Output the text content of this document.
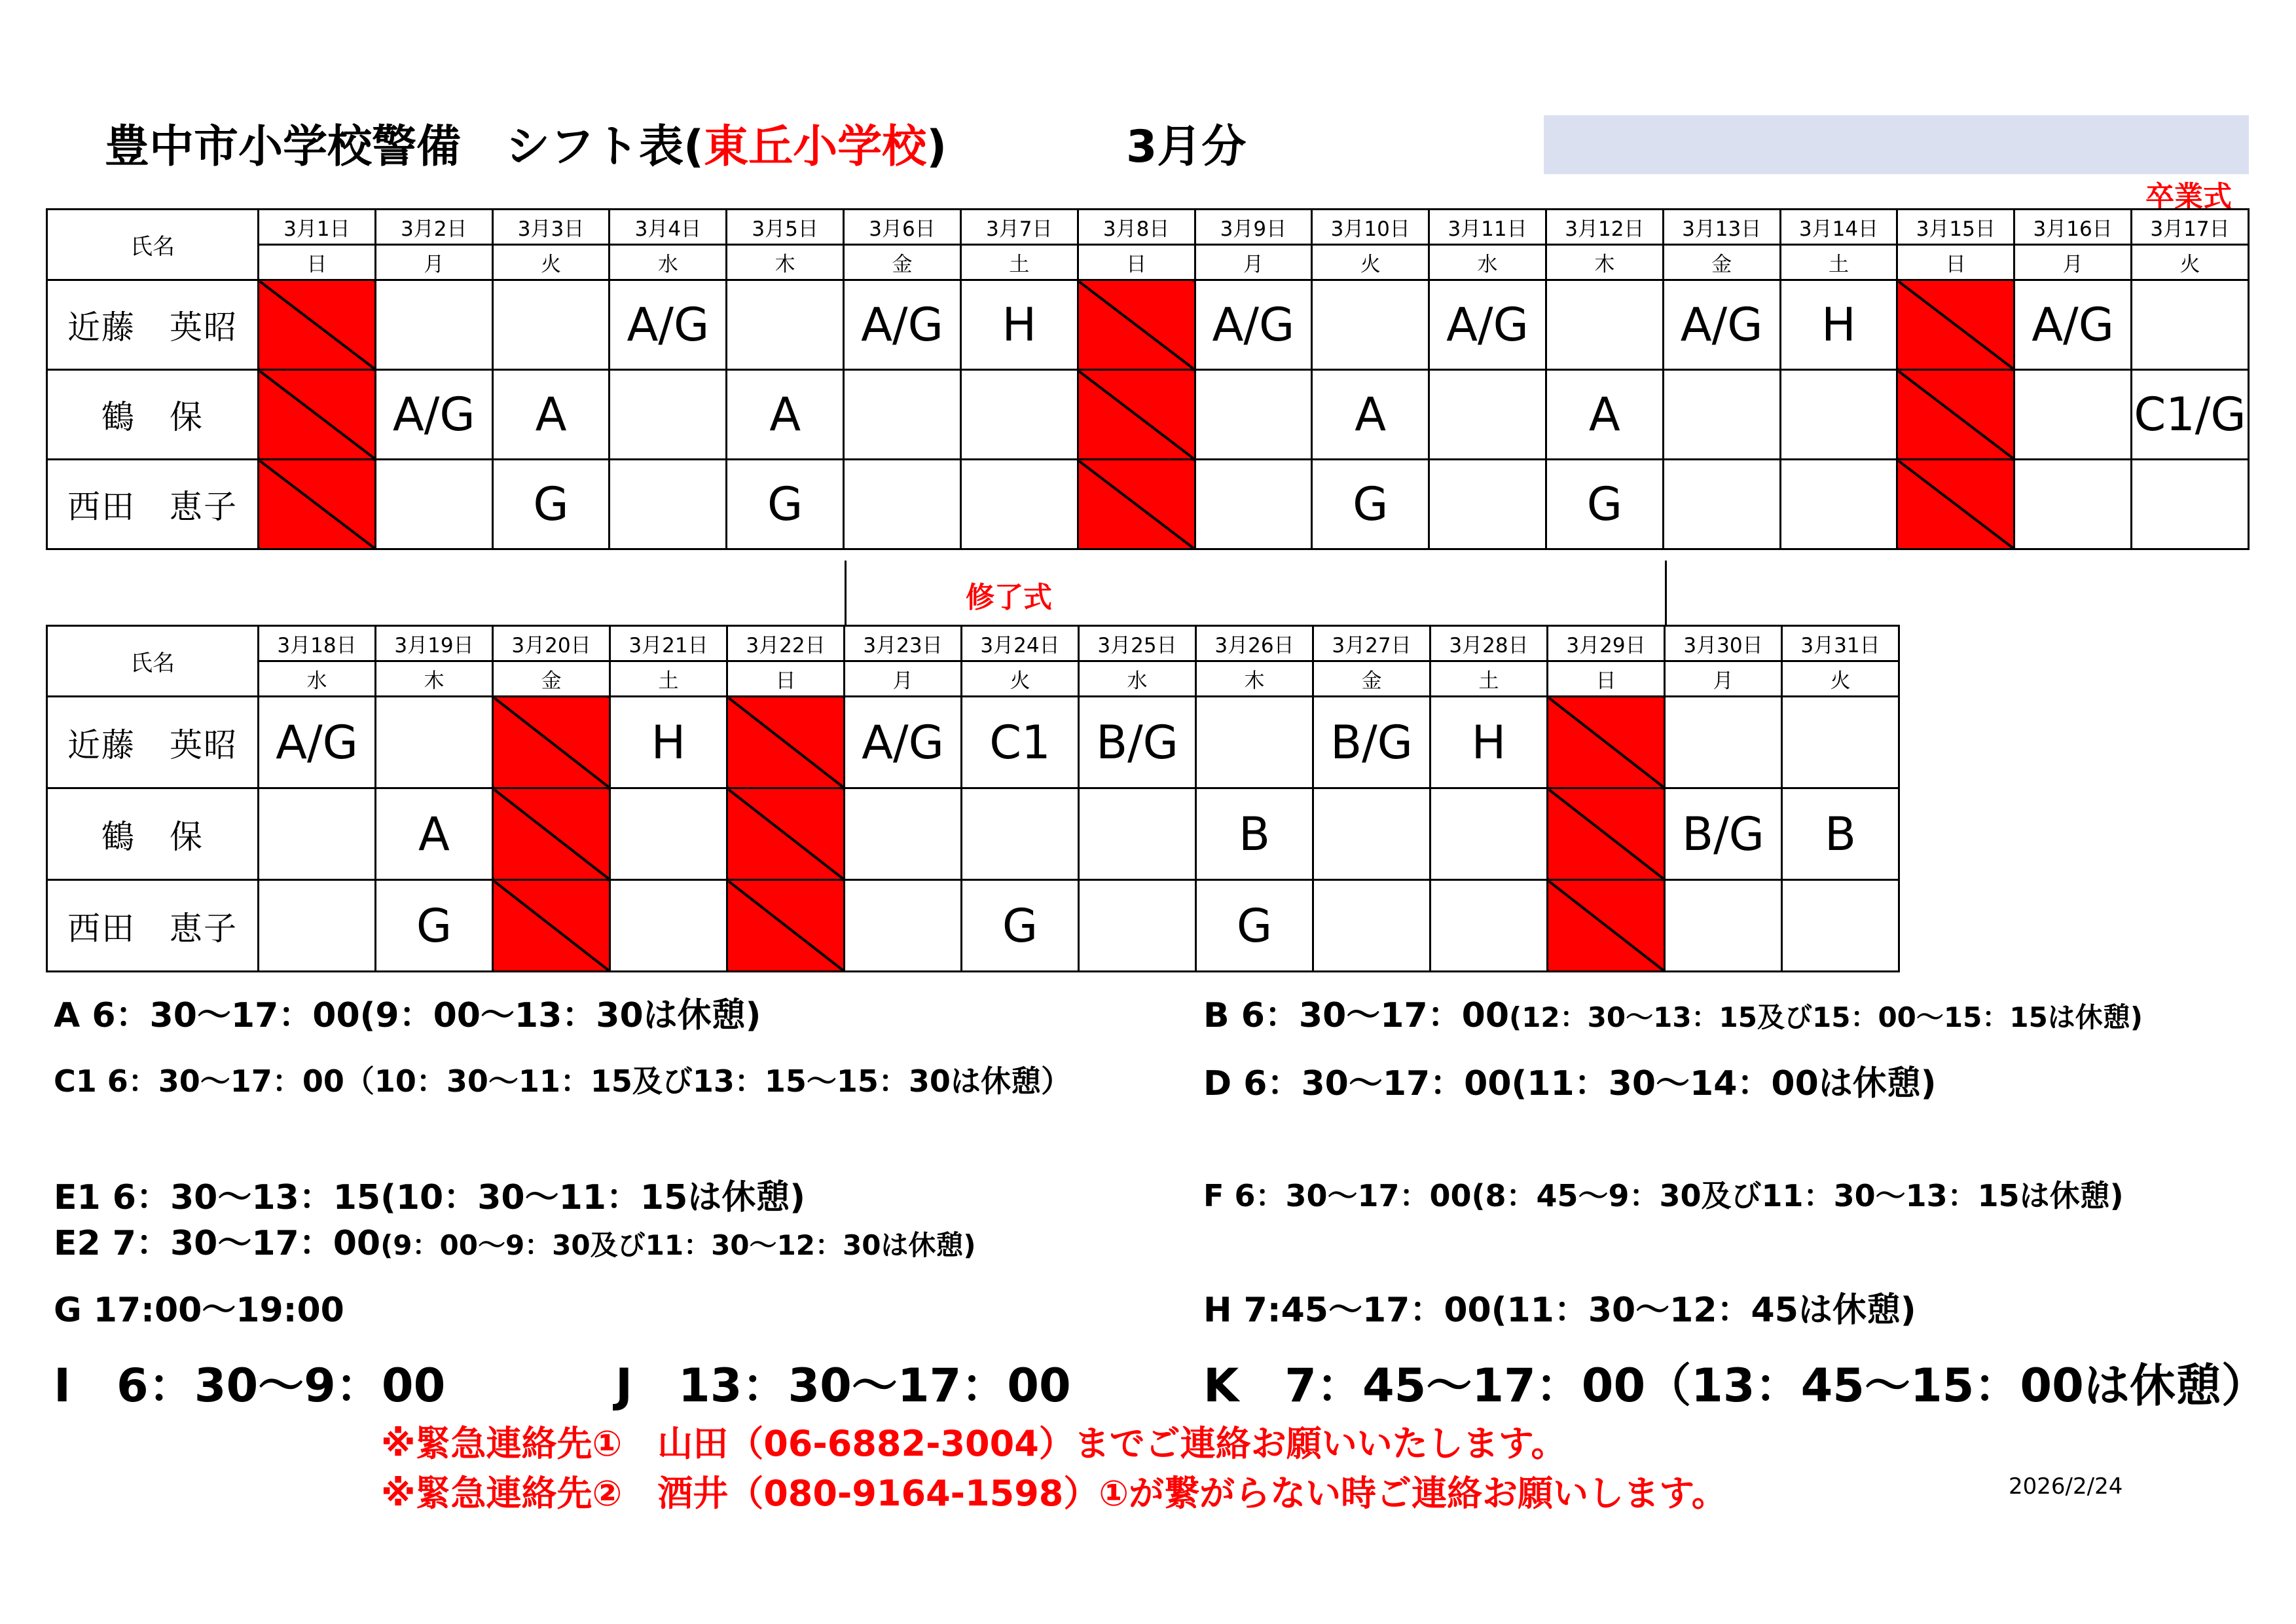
豊中市小学校警備　シフト表(東丘小学校)	3月分
卒業式
修了式
氏名	3月1日	3月2日	3月3日	3月4日	3月5日	3月6日	3月7日	3月8日	3月9日	3月10日	3月11日	3月12日	3月13日	3月14日	3月15日	3月16日	3月17日
	日	月	火	水	木	金	土	日	月	火	水	木	金	土	日	月	火
近藤　英昭				A/G		A/G	H		A/G		A/G		A/G	H		A/G	
鶴　保		A/G	A		A					A		A					C1/G
西田　恵子			G		G					G		G					
氏名	3月18日	3月19日	3月20日	3月21日	3月22日	3月23日	3月24日	3月25日	3月26日	3月27日	3月28日	3月29日	3月30日	3月31日
	水	木	金	土	日	月	火	水	木	金	土	日	月	火
近藤　英昭	A/G			H		A/G	C1	B/G		B/G	H			
鶴　保		A							B				B/G	B
西田　恵子		G					G		G					
A 6：30～17：00(9：00～13：30は休憩)	B 6：30～17：00(12：30～13：15及び15：00～15：15は休憩)
C1 6：30～17：00（10：30～11：15及び13：15～15：30は休憩）	D 6：30～17：00(11：30～14：00は休憩)
E1 6：30～13：15(10：30～11：15は休憩)	F 6：30～17：00(8：45～9：30及び11：30～13：15は休憩)
E2 7：30～17：00(9：00～9：30及び11：30～12：30は休憩)
G 17:00～19:00	H 7:45～17：00(11：30～12：45は休憩)
I　6：30～9：00	J　13：30～17：00	K　7：45～17：00（13：45～15：00は休憩）
※緊急連絡先①　山田（06-6882-3004）までご連絡お願いいたします。
※緊急連絡先②　酒井（080-9164-1598）①が繋がらない時ご連絡お願いします。	2026/2/24
